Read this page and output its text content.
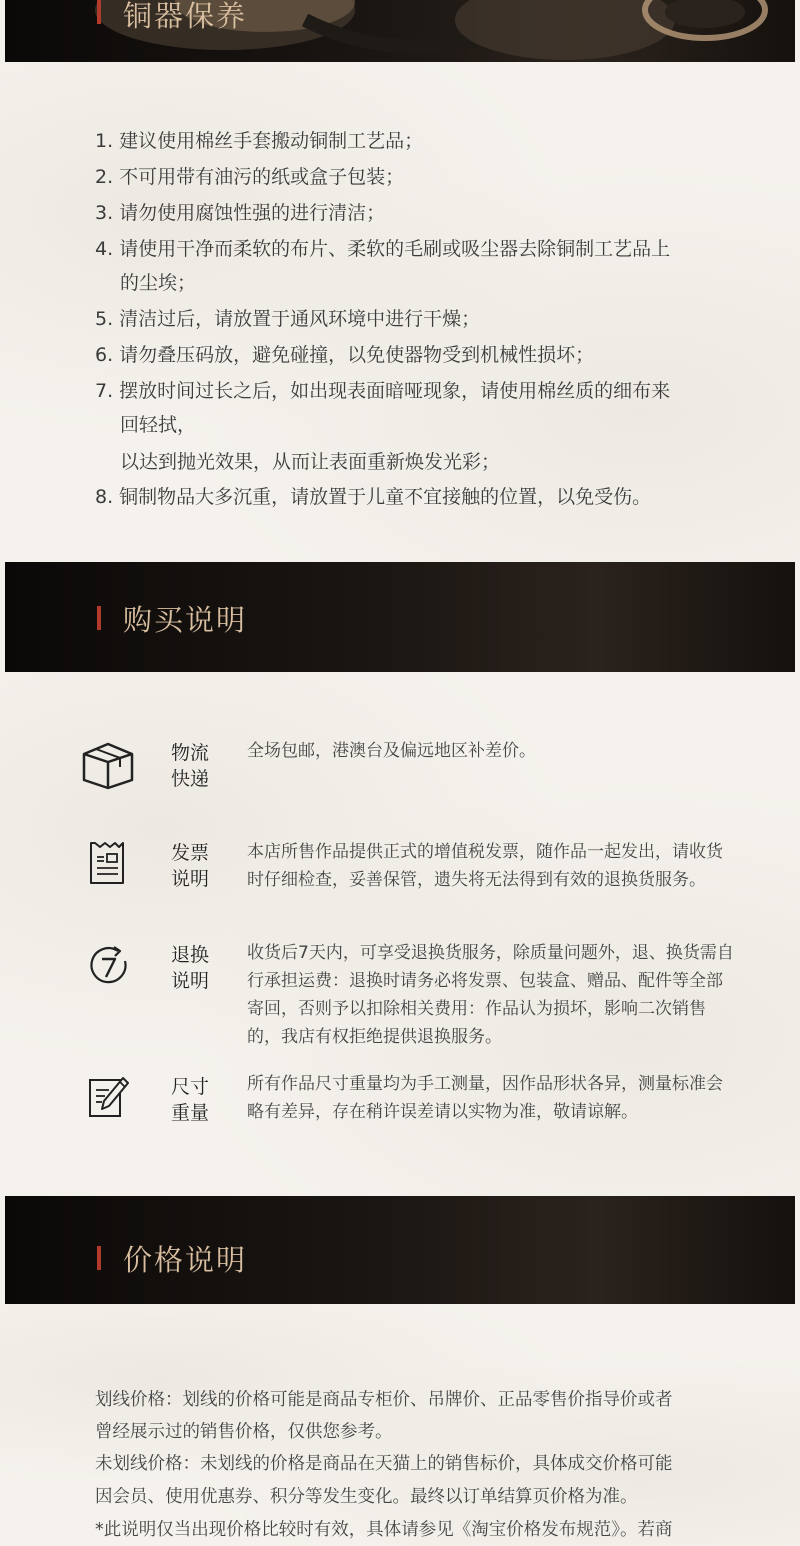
铜器保养
1. 建议使用棉丝手套搬动铜制工艺品；
2. 不可用带有油污的纸或盒子包装；
3. 请勿使用腐蚀性强的进行清洁；
4. 请使用干净而柔软的布片、柔软的毛刷或吸尘器去除铜制工艺品上
的尘埃；
5. 清洁过后，请放置于通风环境中进行干燥；
6. 请勿叠压码放，避免碰撞，以免使器物受到机械性损坏；
7. 摆放时间过长之后，如出现表面暗哑现象，请使用棉丝质的细布来
回轻拭，
以达到抛光效果，从而让表面重新焕发光彩；
8. 铜制物品大多沉重，请放置于儿童不宜接触的位置，以免受伤。
购买说明
物流
快递
全场包邮，港澳台及偏远地区补差价。
发票
说明
本店所售作品提供正式的增值税发票，随作品一起发出，请收货时仔细检查，妥善保管，遗失将无法得到有效的退换货服务。
退换
说明
收货后7天内，可享受退换货服务，除质量问题外，退、换货需自行承担运费：退换时请务必将发票、包装盒、赠品、配件等全部寄回，否则予以扣除相关费用：作品认为损坏，影响二次销售的，我店有权拒绝提供退换服务。
尺寸
重量
所有作品尺寸重量均为手工测量，因作品形状各异，测量标准会略有差异，存在稍许误差请以实物为准，敬请谅解。
价格说明
划线价格：划线的价格可能是商品专柜价、吊牌价、正品零售价指导价或者
曾经展示过的销售价格，仅供您参考。
未划线价格：未划线的价格是商品在天猫上的销售标价，具体成交价格可能
因会员、使用优惠券、积分等发生变化。最终以订单结算页价格为准。
*此说明仅当出现价格比较时有效，具体请参见《淘宝价格发布规范》。若商
